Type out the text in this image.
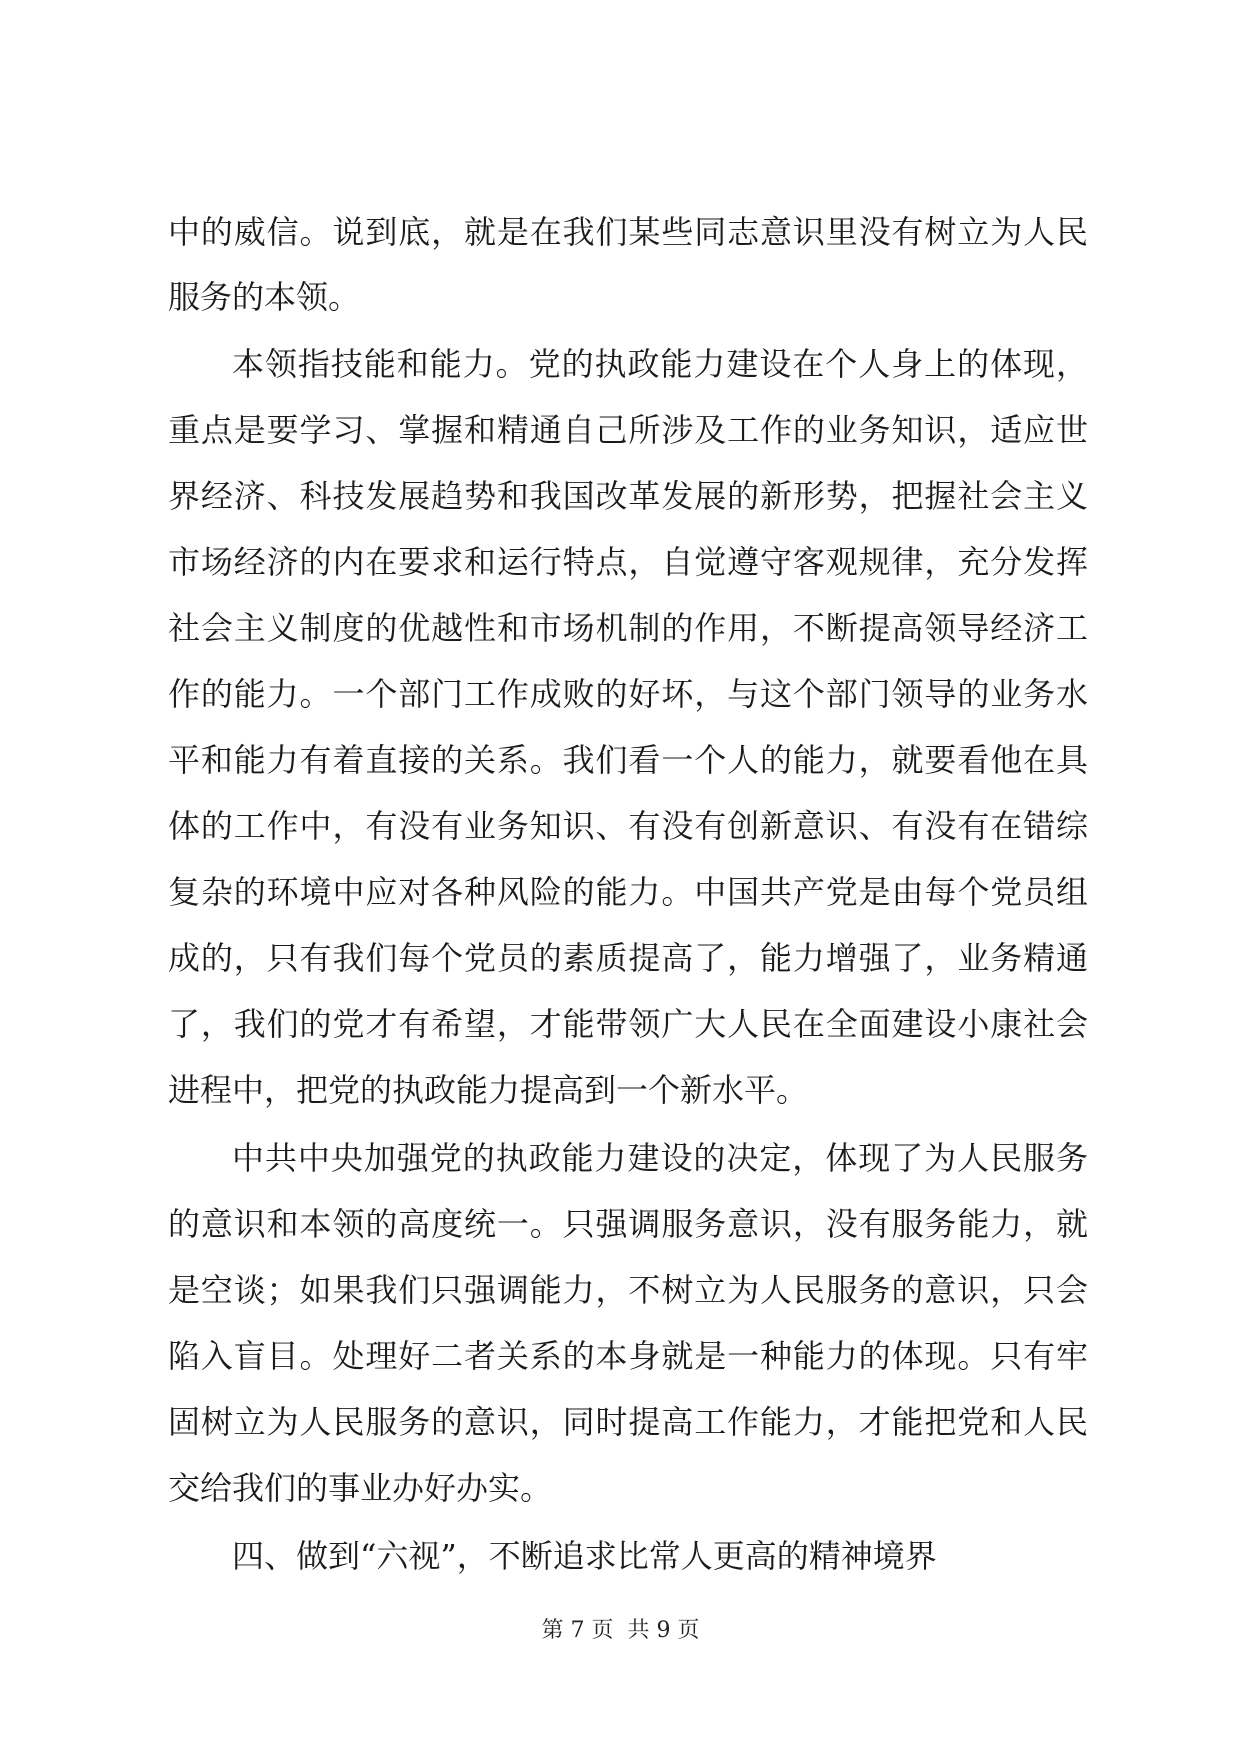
中的威信。说到底，就是在我们某些同志意识里没有树立为人民
服务的本领。
本领指技能和能力。党的执政能力建设在个人身上的体现，
重点是要学习、掌握和精通自己所涉及工作的业务知识，适应世
界经济、科技发展趋势和我国改革发展的新形势，把握社会主义
市场经济的内在要求和运行特点，自觉遵守客观规律，充分发挥
社会主义制度的优越性和市场机制的作用，不断提高领导经济工
作的能力。一个部门工作成败的好坏，与这个部门领导的业务水
平和能力有着直接的关系。我们看一个人的能力，就要看他在具
体的工作中，有没有业务知识、有没有创新意识、有没有在错综
复杂的环境中应对各种风险的能力。中国共产党是由每个党员组
成的，只有我们每个党员的素质提高了，能力增强了，业务精通
了，我们的党才有希望，才能带领广大人民在全面建设小康社会
进程中，把党的执政能力提高到一个新水平。
中共中央加强党的执政能力建设的决定，体现了为人民服务
的意识和本领的高度统一。只强调服务意识，没有服务能力，就
是空谈；如果我们只强调能力，不树立为人民服务的意识，只会
陷入盲目。处理好二者关系的本身就是一种能力的体现。只有牢
固树立为人民服务的意识，同时提高工作能力，才能把党和人民
交给我们的事业办好办实。
四、做到“六视”，不断追求比常人更高的精神境界
第 7 页  共 9 页
